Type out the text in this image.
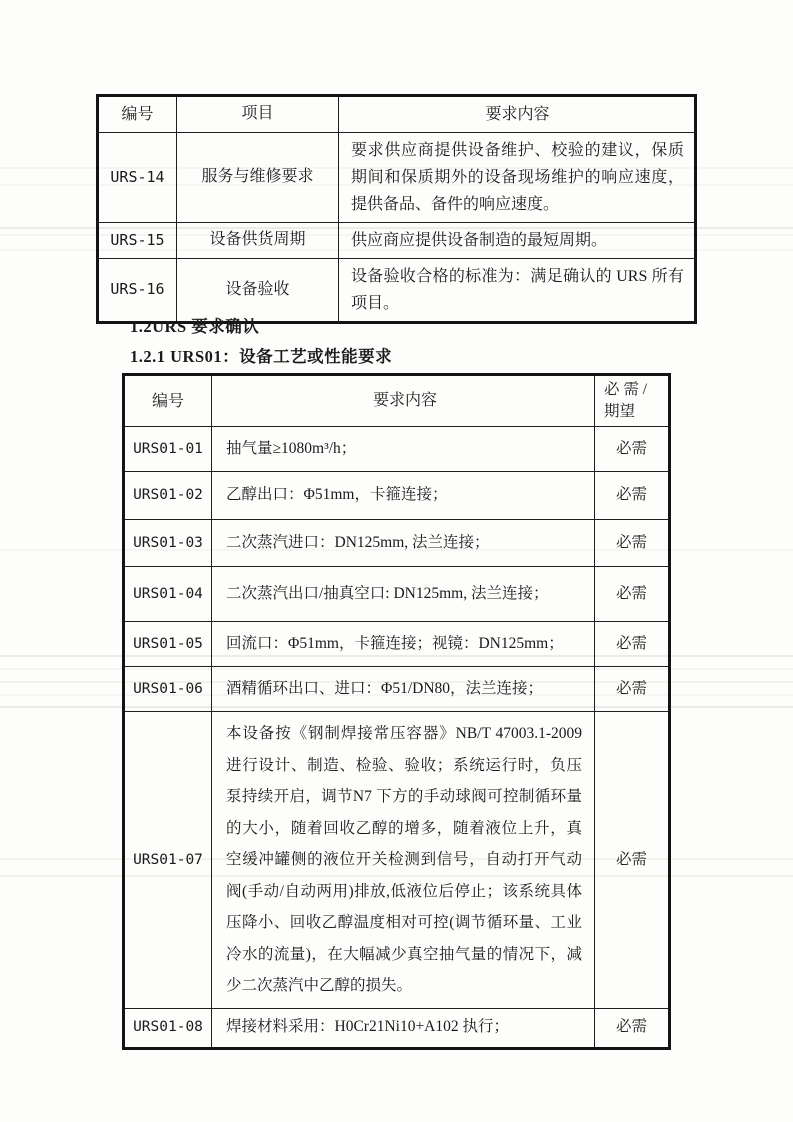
编号	项目	要求内容
URS-14	服务与维修要求	要求供应商提供设备维护、校验的建议，保质期间和保质期外的设备现场维护的响应速度，提供备品、备件的响应速度。
URS-15	设备供货周期	供应商应提供设备制造的最短周期。
URS-16	设备验收	设备验收合格的标准为：满足确认的 URS 所有项目。
1.2URS 要求确认
1.2.1 URS01：设备工艺或性能要求
编号	要求内容	必 需 /
期望

URS01-01	抽气量≥1080m³/h；	必需
URS01-02	乙醇出口：Φ51mm，卡箍连接；	必需
URS01-03	二次蒸汽进口：DN125mm, 法兰连接；	必需
URS01-04	二次蒸汽出口/抽真空口: DN125mm, 法兰连接；	必需
URS01-05	回流口：Φ51mm，卡箍连接；视镜：DN125mm；	必需
URS01-06	酒精循环出口、进口：Φ51/DN80，法兰连接；	必需
URS01-07	本设备按《钢制焊接常压容器》NB/T 47003.1-2009 进行设计、制造、检验、验收；系统运行时，负压泵持续开启，调节N7 下方的手动球阀可控制循环量的大小，随着回收乙醇的增多，随着液位上升，真空缓冲罐侧的液位开关检测到信号，自动打开气动阀(手动/自动两用)排放,低液位后停止；该系统具体压降小、回收乙醇温度相对可控(调节循环量、工业冷水的流量)，在大幅减少真空抽气量的情况下，减少二次蒸汽中乙醇的损失。	必需
URS01-08	焊接材料采用：H0Cr21Ni10+A102 执行；	必需
